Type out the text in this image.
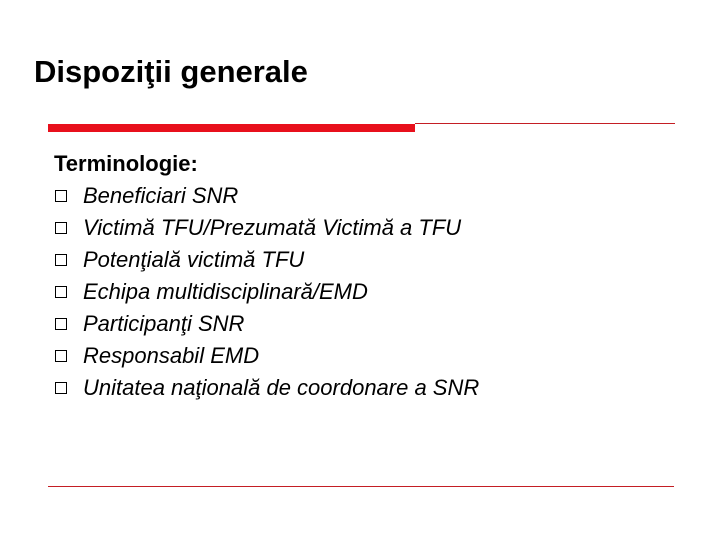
Dispoziţii generale
Terminologie:
Beneficiari SNR
Victimă TFU/Prezumată Victimă a TFU
Potenţială victimă TFU
Echipa multidisciplinară/EMD
Participanţi SNR
Responsabil EMD
Unitatea naţională de coordonare a SNR
